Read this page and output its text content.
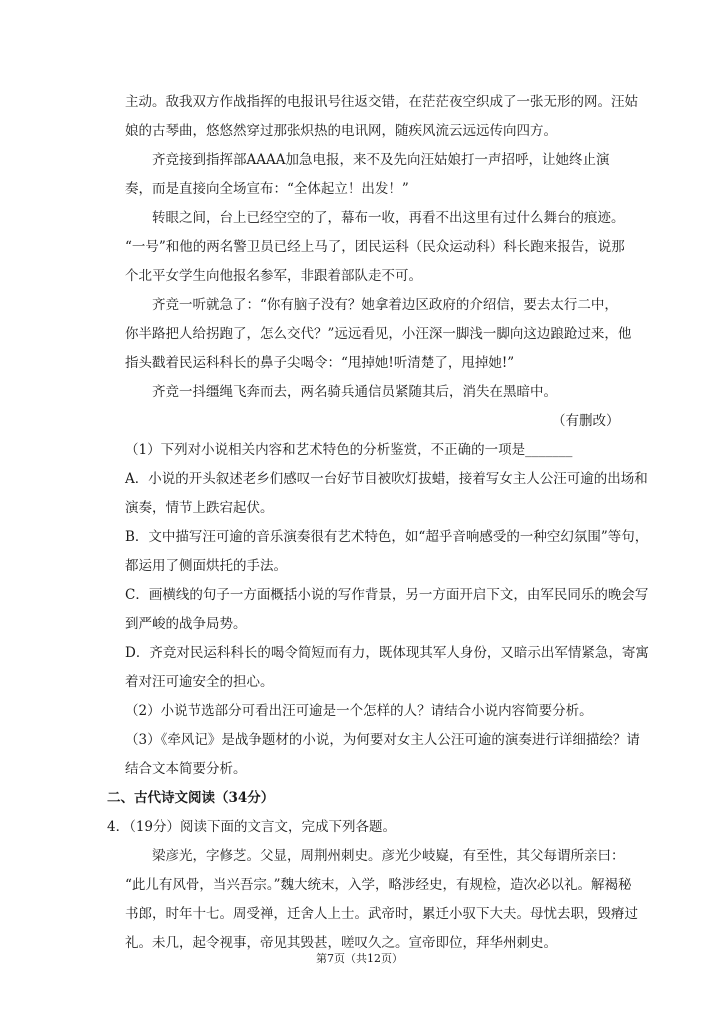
主动。敌我双方作战指挥的电报讯号往返交错，在茫茫夜空织成了一张无形的网。汪姑
娘的古琴曲，悠悠然穿过那张炽热的电讯网，随疾风流云远远传向四方。
齐竞接到指挥部AAAA加急电报，来不及先向汪姑娘打一声招呼，让她终止演
奏，而是直接向全场宣布：“全体起立！出发！”
转眼之间，台上已经空空的了，幕布一收，再看不出这里有过什么舞台的痕迹。
“一号”和他的两名警卫员已经上马了，团民运科（民众运动科）科长跑来报告，说那
个北平女学生向他报名参军，非跟着部队走不可。
齐竞一听就急了：“你有脑子没有？她拿着边区政府的介绍信，要去太行二中，
你半路把人给拐跑了，怎么交代？”远远看见，小汪深一脚浅一脚向这边踉跄过来，他
指头戳着民运科科长的鼻子尖喝令：“甩掉她!听清楚了，甩掉她!”
齐竞一抖缰绳飞奔而去，两名骑兵通信员紧随其后，消失在黑暗中。
（有删改）
（1）下列对小说相关内容和艺术特色的分析鉴赏，不正确的一项是_______
A．小说的开头叙述老乡们感叹一台好节目被吹灯拔蜡，接着写女主人公汪可逾的出场和
演奏，情节上跌宕起伏。
B．文中描写汪可逾的音乐演奏很有艺术特色，如“超乎音响感受的一种空幻氛围”等句，
都运用了侧面烘托的手法。
C．画横线的句子一方面概括小说的写作背景，另一方面开启下文，由军民同乐的晚会写
到严峻的战争局势。
D．齐竞对民运科科长的喝令简短而有力，既体现其军人身份，又暗示出军情紧急，寄寓
着对汪可逾安全的担心。
（2）小说节选部分可看出汪可逾是一个怎样的人？请结合小说内容简要分析。
（3）《牵风记》是战争题材的小说，为何要对女主人公汪可逾的演奏进行详细描绘？请
结合文本简要分析。
二、古代诗文阅读（34分）
4．（19分）阅读下面的文言文，完成下列各题。
梁彦光，字修芝。父显，周荆州刺史。彦光少岐嶷，有至性，其父每谓所亲曰：
“此儿有风骨，当兴吾宗。”魏大统末，入学，略涉经史，有规检，造次必以礼。解褐秘
书郎，时年十七。周受禅，迁舍人上士。武帝时，累迁小驭下大夫。母忧去职，毁瘠过
礼。未几，起令视事，帝见其毁甚，嗟叹久之。宣帝即位，拜华州刺史。
第7页（共12页）
